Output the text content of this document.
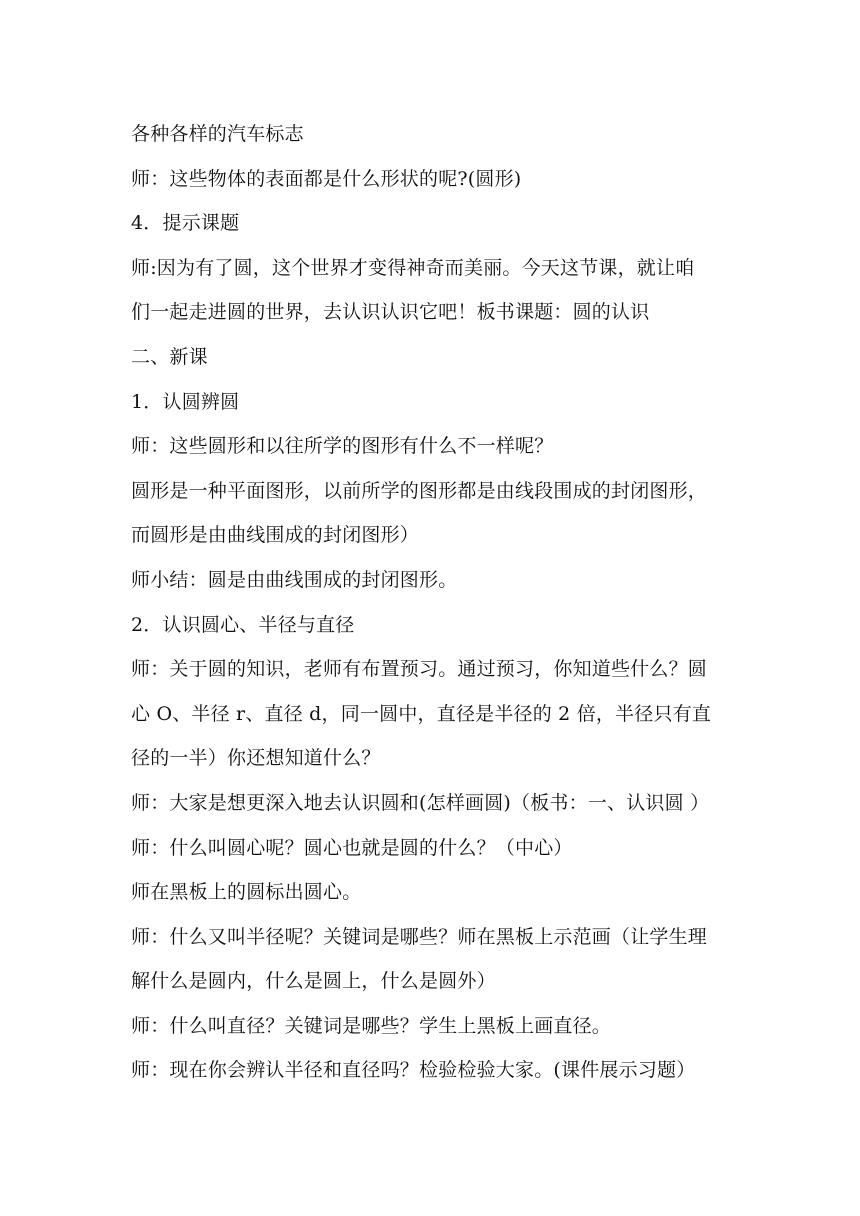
各种各样的汽车标志
师：这些物体的表面都是什么形状的呢?(圆形)
4．提示课题
师:因为有了圆，这个世界才变得神奇而美丽。今天这节课，就让咱
们一起走进圆的世界，去认识认识它吧！板书课题：圆的认识
二、新课
1．认圆辨圆
师：这些圆形和以往所学的图形有什么不一样呢？
圆形是一种平面图形，以前所学的图形都是由线段围成的封闭图形，
而圆形是由曲线围成的封闭图形）
师小结：圆是由曲线围成的封闭图形。
2．认识圆心、半径与直径
师：关于圆的知识，老师有布置预习。通过预习，你知道些什么？圆
心 O、半径 r、直径 d，同一圆中，直径是半径的 2 倍，半径只有直
径的一半）你还想知道什么？
师：大家是想更深入地去认识圆和(怎样画圆)（板书：一、认识圆 ）
师：什么叫圆心呢？圆心也就是圆的什么？（中心）
师在黑板上的圆标出圆心。
师：什么又叫半径呢？关键词是哪些？师在黑板上示范画（让学生理
解什么是圆内，什么是圆上，什么是圆外）
师：什么叫直径？关键词是哪些？学生上黑板上画直径。
师：现在你会辨认半径和直径吗？检验检验大家。(课件展示习题）
